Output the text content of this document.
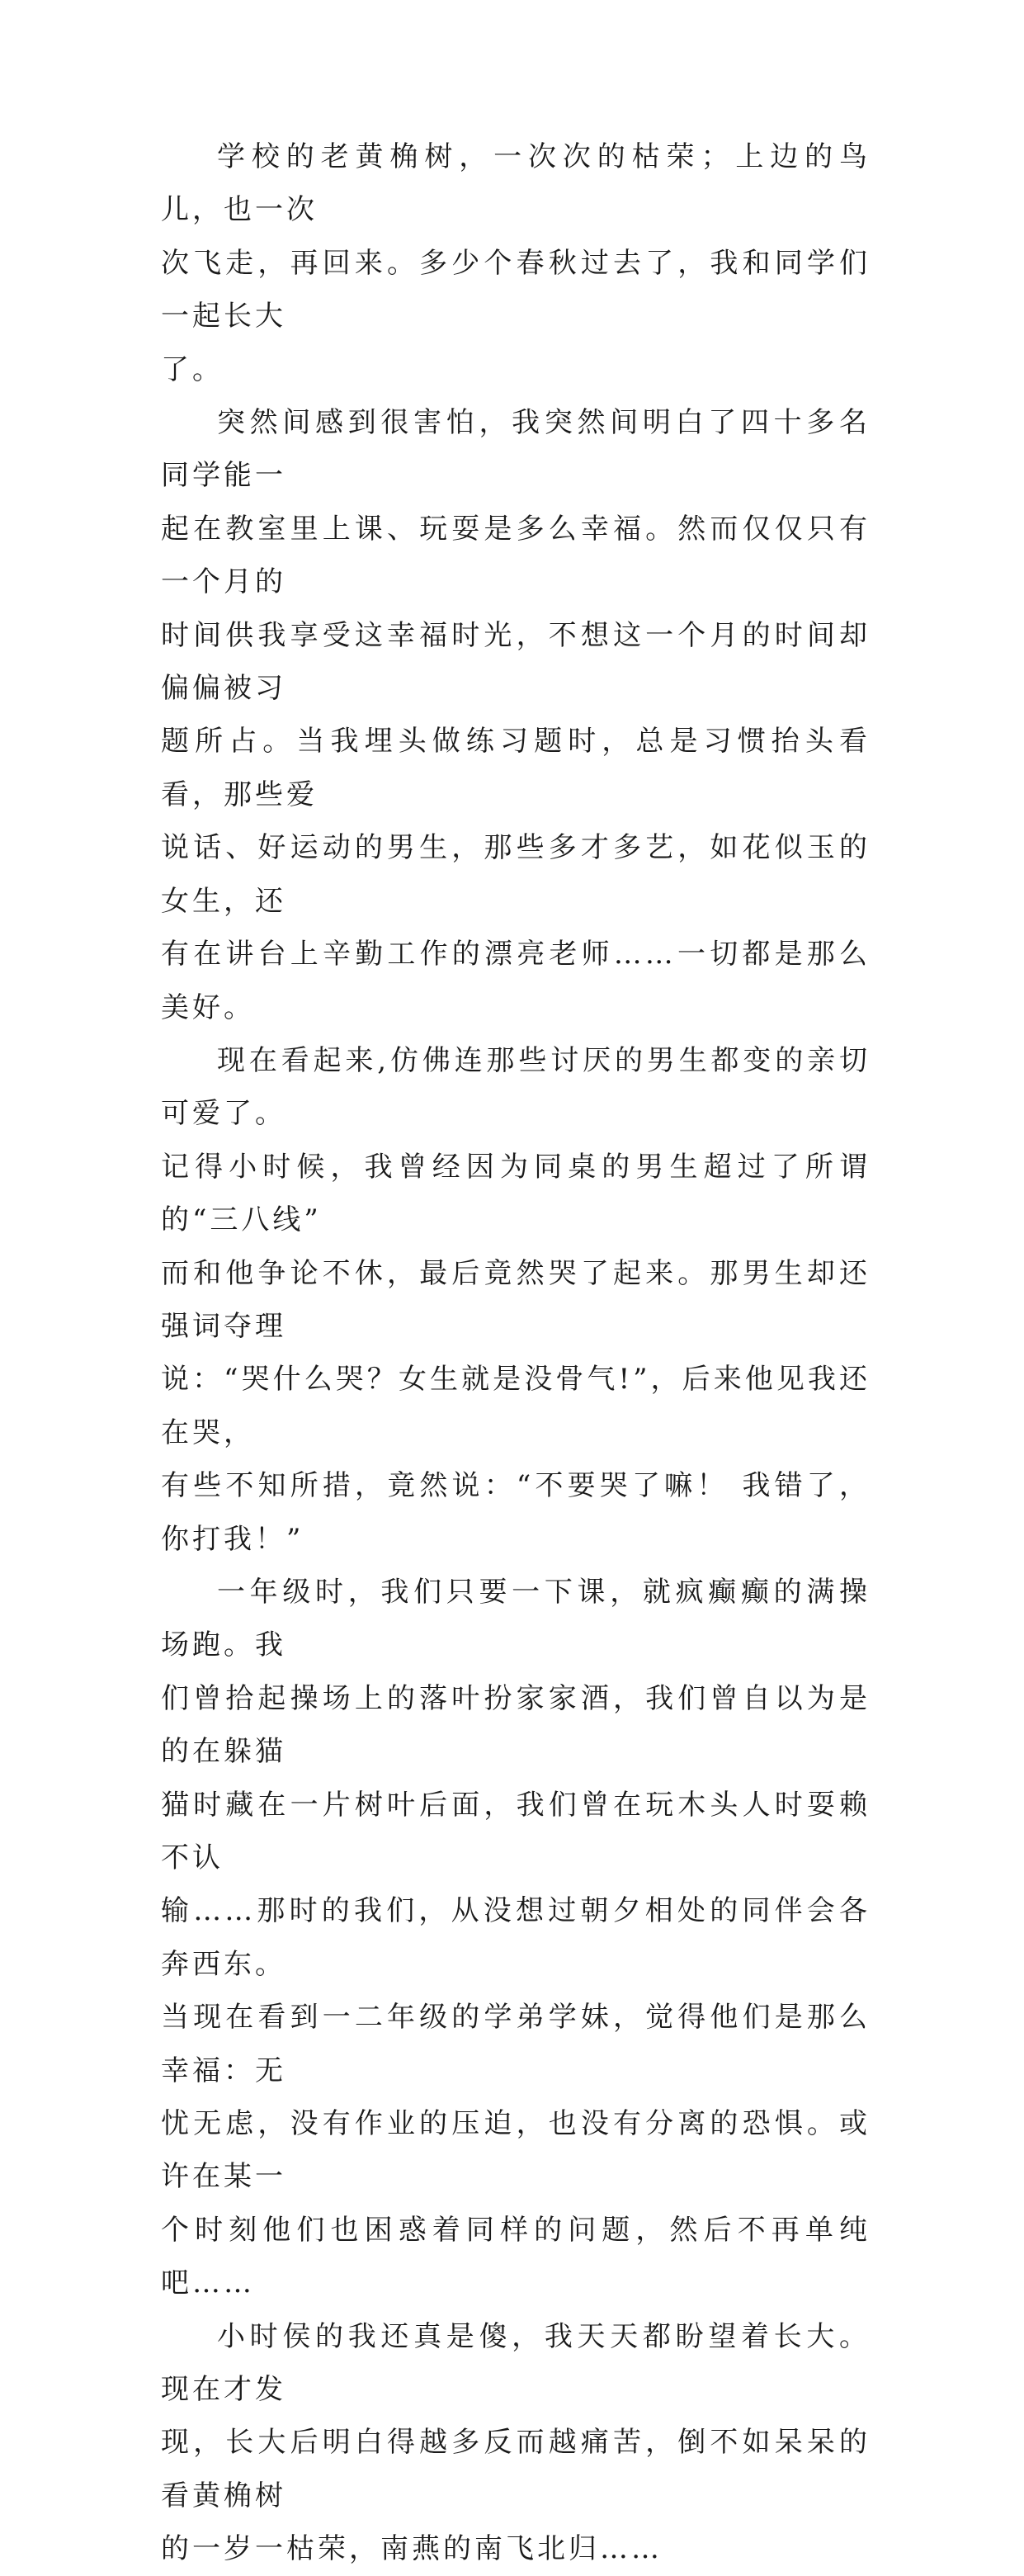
学校的老黄桷树，一次次的枯荣；上边的鸟儿，也一次
次飞走，再回来。多少个春秋过去了，我和同学们一起长大
了。

突然间感到很害怕，我突然间明白了四十多名同学能一
起在教室里上课、玩耍是多么幸福。然而仅仅只有一个月的
时间供我享受这幸福时光，不想这一个月的时间却偏偏被习
题所占。当我埋头做练习题时，总是习惯抬头看看，那些爱
说话、好运动的男生，那些多才多艺，如花似玉的女生，还
有在讲台上辛勤工作的漂亮老师……一切都是那么美好。

现在看起来,仿佛连那些讨厌的男生都变的亲切可爱了。
记得小时候，我曾经因为同桌的男生超过了所谓的“三八线”
而和他争论不休，最后竟然哭了起来。那男生却还强词夺理
说：“哭什么哭？女生就是没骨气!”，后来他见我还在哭，
有些不知所措，竟然说：“不要哭了嘛！ 我错了，你打我！”

一年级时，我们只要一下课，就疯癫癫的满操场跑。我
们曾拾起操场上的落叶扮家家酒，我们曾自以为是的在躲猫
猫时藏在一片树叶后面，我们曾在玩木头人时耍赖不认
输……那时的我们，从没想过朝夕相处的同伴会各奔西东。
当现在看到一二年级的学弟学妹，觉得他们是那么幸福：无
忧无虑，没有作业的压迫，也没有分离的恐惧。或许在某一
个时刻他们也困惑着同样的问题，然后不再单纯吧……

小时侯的我还真是傻，我天天都盼望着长大。现在才发
现，长大后明白得越多反而越痛苦，倒不如呆呆的看黄桷树
的一岁一枯荣，南燕的南飞北归……
